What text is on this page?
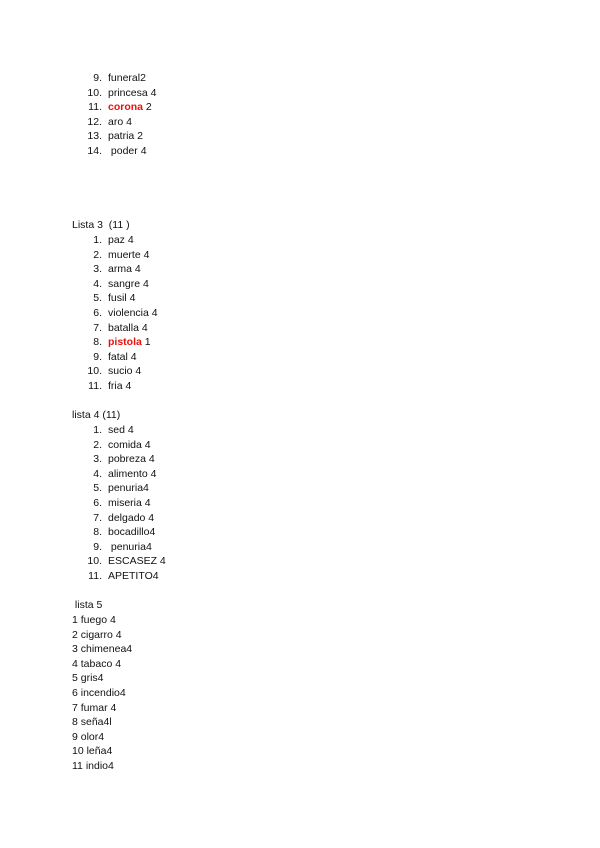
9. funeral2
10. princesa 4
11. corona 2
12. aro 4
13. patria 2
14. poder 4
Lista 3  (11 )
1. paz 4
2. muerte 4
3. arma 4
4. sangre 4
5. fusil 4
6. violencia 4
7. batalla 4
8. pistola 1
9. fatal 4
10. sucio 4
11. fria 4
lista 4 (11)
1. sed 4
2. comida 4
3. pobreza 4
4. alimento 4
5. penuria4
6. miseria 4
7. delgado 4
8. bocadillo4
9. penuria4
10. ESCASEZ 4
11. APETITO4
lista 5
1 fuego 4
2 cigarro 4
3 chimenea4
4 tabaco 4
5 gris4
6 incendio4
7 fumar 4
8 seña4l
9 olor4
10 leña4
11 indio4
